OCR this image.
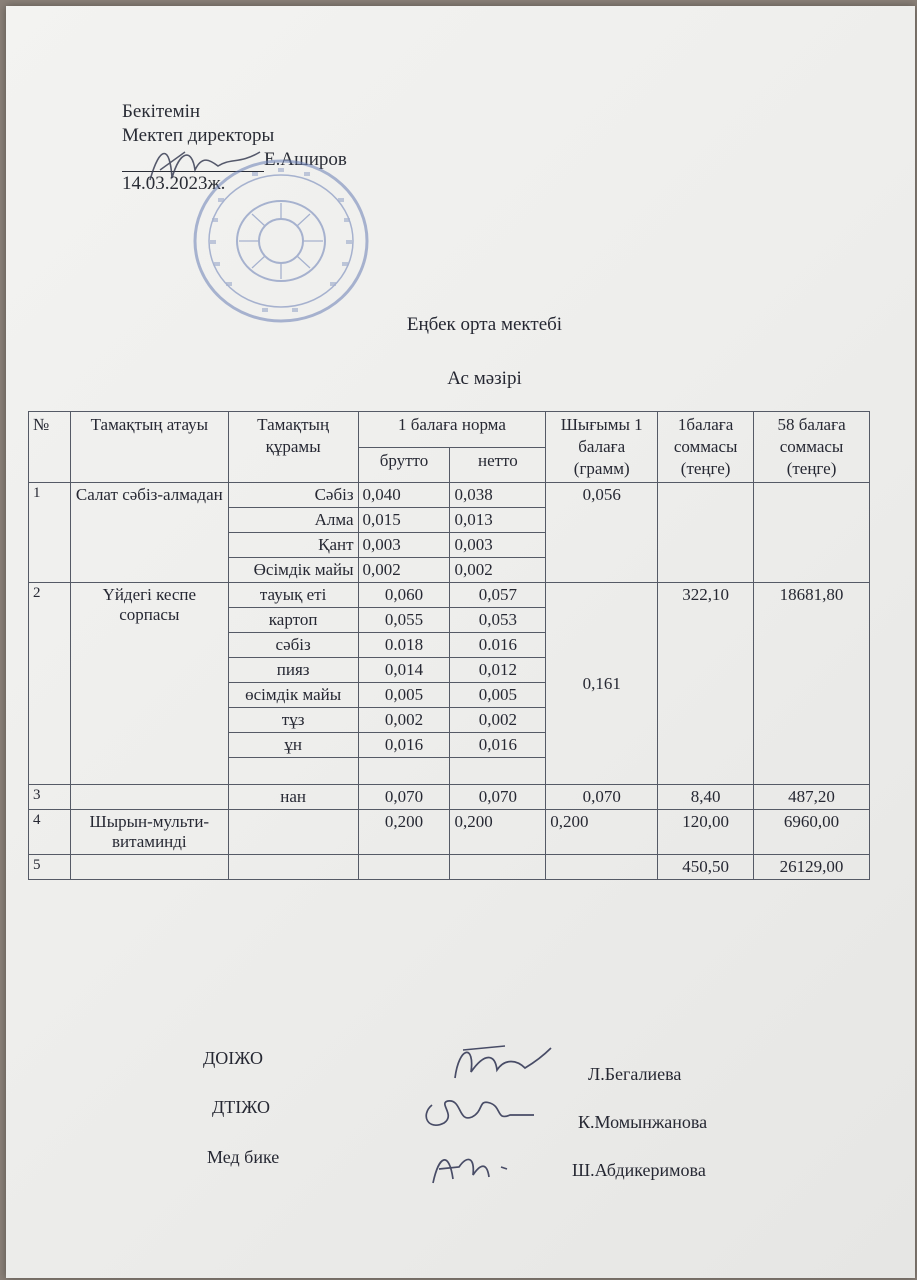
Бекітемін
Мектеп директоры
Е.Аширов
14.03.2023ж.
Еңбек орта мектебі
Ас мәзірі
№	Тамақтың атауы	Тамақтың құрамы	1 балаға норма		Шығымы 1 балаға (грамм)	1балаға соммасы (теңге)	58 балаға соммасы (теңге)
			брутто	нетто			
1	Салат сәбіз-алмадан	Сәбіз	0,040	0,038	0,056		
		Алма	0,015	0,013			
		Қант	0,003	0,003			
		Өсімдік майы	0,002	0,002			
2	Үйдегі кеспе сорпасы	тауық еті	0,060	0,057	0,161	322,10	18681,80
		картоп	0,055	0,053			
		сәбіз	0.018	0.016			
		пияз	0,014	0,012			
		өсімдік майы	0,005	0,005			
		тұз	0,002	0,002			
		ұн	0,016	0,016			

3		нан	0,070	0,070	0,070	8,40	487,20
4	Шырын-мульти-витаминді		0,200	0,200	0,200	120,00	6960,00
5						450,50	26129,00
ДОІЖО
Л.Бегалиева
ДТІЖО
К.Момынжанова
Мед бике
Ш.Абдикеримова
